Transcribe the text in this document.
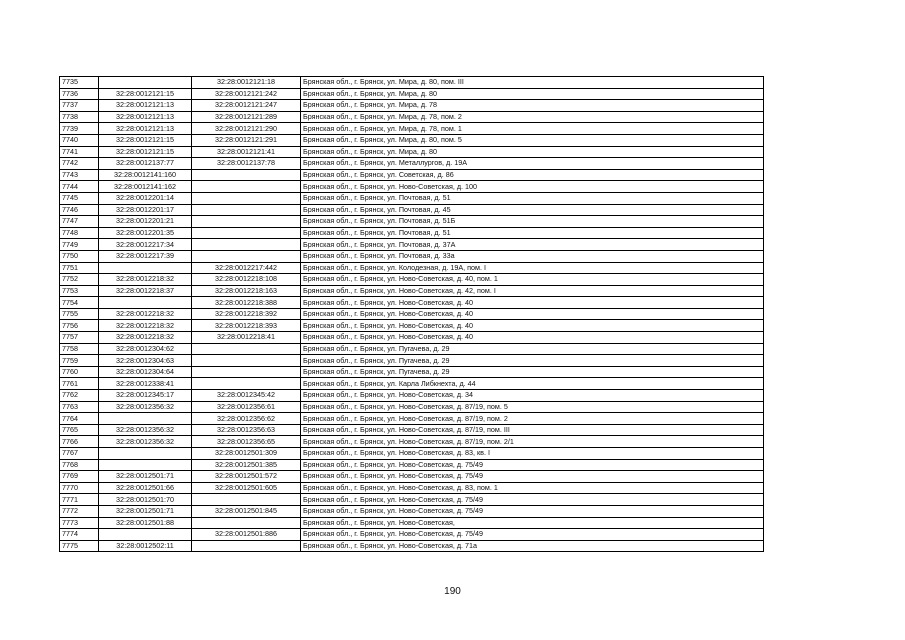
7735		32:28:0012121:18	Брянская обл., г. Брянск, ул. Мира, д. 80, пом. III
7736	32:28:0012121:15	32:28:0012121:242	Брянская обл., г. Брянск, ул. Мира, д. 80
7737	32:28:0012121:13	32:28:0012121:247	Брянская обл., г. Брянск, ул. Мира, д. 78
7738	32:28:0012121:13	32:28:0012121:289	Брянская обл., г. Брянск, ул. Мира, д. 78, пом. 2
7739	32:28:0012121:13	32:28:0012121:290	Брянская обл., г. Брянск, ул. Мира, д. 78, пом. 1
7740	32:28:0012121:15	32:28:0012121:291	Брянская обл., г. Брянск, ул. Мира, д. 80, пом. 5
7741	32:28:0012121:15	32:28:0012121:41	Брянская обл., г. Брянск, ул. Мира, д. 80
7742	32:28:0012137:77	32:28:0012137:78	Брянская обл., г. Брянск, ул. Металлургов, д. 19А
7743	32:28:0012141:160		Брянская обл., г. Брянск, ул. Советская, д. 86
7744	32:28:0012141:162		Брянская обл., г. Брянск, ул. Ново-Советская, д. 100
7745	32:28:0012201:14		Брянская обл., г. Брянск, ул. Почтовая, д. 51
7746	32:28:0012201:17		Брянская обл., г. Брянск, ул. Почтовая, д. 45
7747	32:28:0012201:21		Брянская обл., г. Брянск, ул. Почтовая, д. 51Б
7748	32:28:0012201:35		Брянская обл., г. Брянск, ул. Почтовая, д. 51
7749	32:28:0012217:34		Брянская обл., г. Брянск, ул. Почтовая, д. 37А
7750	32:28:0012217:39		Брянская обл., г. Брянск, ул. Почтовая, д. 33а
7751		32:28:0012217:442	Брянская обл., г. Брянск, ул. Колодезная, д. 19А, пом. I
7752	32:28:0012218:32	32:28:0012218:108	Брянская обл., г. Брянск, ул. Ново-Советская, д. 40, пом. 1
7753	32:28:0012218:37	32:28:0012218:163	Брянская обл., г. Брянск, ул. Ново-Советская, д. 42, пом. I
7754		32:28:0012218:388	Брянская обл., г. Брянск, ул. Ново-Советская, д. 40
7755	32:28:0012218:32	32:28:0012218:392	Брянская обл., г. Брянск, ул. Ново-Советская, д. 40
7756	32:28:0012218:32	32:28:0012218:393	Брянская обл., г. Брянск, ул. Ново-Советская, д. 40
7757	32:28:0012218:32	32:28:0012218:41	Брянская обл., г. Брянск, ул. Ново-Советская, д. 40
7758	32:28:0012304:62		Брянская обл., г. Брянск, ул. Пугачева, д. 29
7759	32:28:0012304:63		Брянская обл., г. Брянск, ул. Пугачева, д. 29
7760	32:28:0012304:64		Брянская обл., г. Брянск, ул. Пугачева, д. 29
7761	32:28:0012338:41		Брянская обл., г. Брянск, ул. Карла Либкнехта, д. 44
7762	32:28:0012345:17	32:28:0012345:42	Брянская обл., г. Брянск, ул. Ново-Советская, д. 34
7763	32:28:0012356:32	32:28:0012356:61	Брянская обл., г. Брянск, ул. Ново-Советская, д. 87/19, пом. 5
7764		32:28:0012356:62	Брянская обл., г. Брянск, ул. Ново-Советская, д. 87/19, пом. 2
7765	32:28:0012356:32	32:28:0012356:63	Брянская обл., г. Брянск, ул. Ново-Советская, д. 87/19, пом. III
7766	32:28:0012356:32	32:28:0012356:65	Брянская обл., г. Брянск, ул. Ново-Советская, д. 87/19, пом. 2/1
7767		32:28:0012501:309	Брянская обл., г. Брянск, ул. Ново-Советская, д. 83, кв. I
7768		32:28:0012501:385	Брянская обл., г. Брянск, ул. Ново-Советская, д. 75/49
7769	32:28:0012501:71	32:28:0012501:572	Брянская обл., г. Брянск, ул. Ново-Советская, д. 75/49
7770	32:28:0012501:66	32:28:0012501:605	Брянская обл., г. Брянск, ул. Ново-Советская, д. 83, пом. 1
7771	32:28:0012501:70		Брянская обл., г. Брянск, ул. Ново-Советская, д. 75/49
7772	32:28:0012501:71	32:28:0012501:845	Брянская обл., г. Брянск, ул. Ново-Советская, д. 75/49
7773	32:28:0012501:88		Брянская обл., г. Брянск, ул. Ново-Советская,
7774		32:28:0012501:886	Брянская обл., г. Брянск, ул. Ново-Советская, д. 75/49
7775	32:28:0012502:11		Брянская обл., г. Брянск, ул. Ново-Советская, д. 71а
190
